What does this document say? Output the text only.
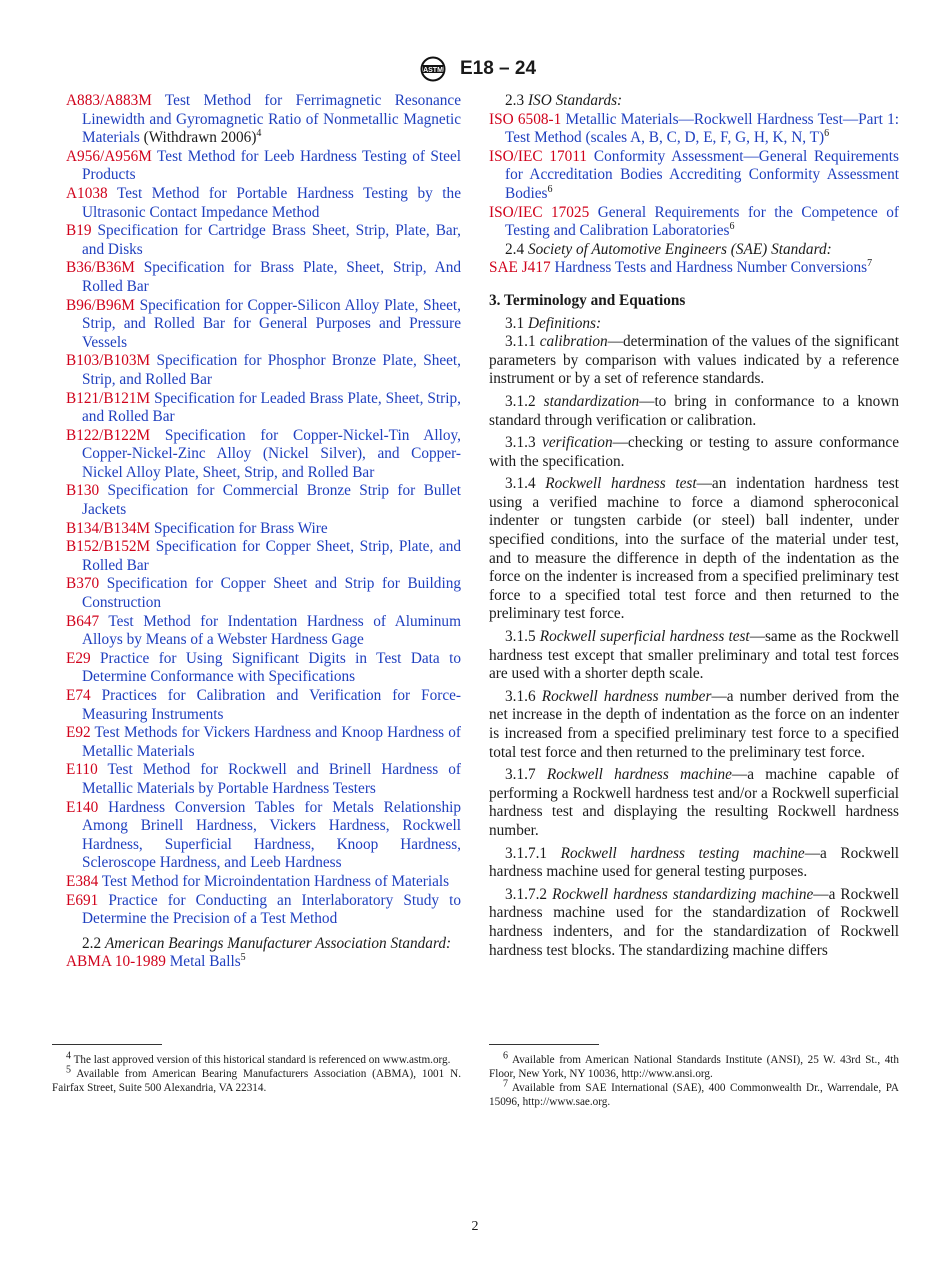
ASTM E18 – 24

A883/A883M Test Method for Ferrimagnetic Resonance Linewidth and Gyromagnetic Ratio of Nonmetallic Magnetic Materials (Withdrawn 2006)$^4$

A956/A956M Test Method for Leeb Hardness Testing of Steel Products

A1038 Test Method for Portable Hardness Testing by the Ultrasonic Contact Impedance Method

B19 Specification for Cartridge Brass Sheet, Strip, Plate, Bar, and Disks

B36/B36M Specification for Brass Plate, Sheet, Strip, And Rolled Bar

B96/B96M Specification for Copper-Silicon Alloy Plate, Sheet, Strip, and Rolled Bar for General Purposes and Pressure Vessels

B103/B103M Specification for Phosphor Bronze Plate, Sheet, Strip, and Rolled Bar

B121/B121M Specification for Leaded Brass Plate, Sheet, Strip, and Rolled Bar

B122/B122M Specification for Copper-Nickel-Tin Alloy, Copper-Nickel-Zinc Alloy (Nickel Silver), and Copper-Nickel Alloy Plate, Sheet, Strip, and Rolled Bar

B130 Specification for Commercial Bronze Strip for Bullet Jackets

B134/B134M Specification for Brass Wire

B152/B152M Specification for Copper Sheet, Strip, Plate, and Rolled Bar

B370 Specification for Copper Sheet and Strip for Building Construction

B647 Test Method for Indentation Hardness of Aluminum Alloys by Means of a Webster Hardness Gage

E29 Practice for Using Significant Digits in Test Data to Determine Conformance with Specifications

E74 Practices for Calibration and Verification for Force-Measuring Instruments

E92 Test Methods for Vickers Hardness and Knoop Hardness of Metallic Materials

E110 Test Method for Rockwell and Brinell Hardness of Metallic Materials by Portable Hardness Testers

E140 Hardness Conversion Tables for Metals Relationship Among Brinell Hardness, Vickers Hardness, Rockwell Hardness, Superficial Hardness, Knoop Hardness, Scleroscope Hardness, and Leeb Hardness

E384 Test Method for Microindentation Hardness of Materials

E691 Practice for Conducting an Interlaboratory Study to Determine the Precision of a Test Method

2.2 American Bearings Manufacturer Association Standard:

ABMA 10-1989 Metal Balls$^5$

2.3 ISO Standards:

ISO 6508-1 Metallic Materials—Rockwell Hardness Test—Part 1: Test Method (scales A, B, C, D, E, F, G, H, K, N, T)$^6$

ISO/IEC 17011 Conformity Assessment—General Requirements for Accreditation Bodies Accrediting Conformity Assessment Bodies$^6$

ISO/IEC 17025 General Requirements for the Competence of Testing and Calibration Laboratories$^6$

2.4 Society of Automotive Engineers (SAE) Standard:

SAE J417 Hardness Tests and Hardness Number Conversions$^7$

3. Terminology and Equations

3.1 Definitions:

3.1.1 calibration—determination of the values of the significant parameters by comparison with values indicated by a reference instrument or by a set of reference standards.

3.1.2 standardization—to bring in conformance to a known standard through verification or calibration.

3.1.3 verification—checking or testing to assure conformance with the specification.

3.1.4 Rockwell hardness test—an indentation hardness test using a verified machine to force a diamond spheroconical indenter or tungsten carbide (or steel) ball indenter, under specified conditions, into the surface of the material under test, and to measure the difference in depth of the indentation as the force on the indenter is increased from a specified preliminary test force to a specified total test force and then returned to the preliminary test force.

3.1.5 Rockwell superficial hardness test—same as the Rockwell hardness test except that smaller preliminary and total test forces are used with a shorter depth scale.

3.1.6 Rockwell hardness number—a number derived from the net increase in the depth of indentation as the force on an indenter is increased from a specified preliminary test force to a specified total test force and then returned to the preliminary test force.

3.1.7 Rockwell hardness machine—a machine capable of performing a Rockwell hardness test and/or a Rockwell superficial hardness test and displaying the resulting Rockwell hardness number.

3.1.7.1 Rockwell hardness testing machine—a Rockwell hardness machine used for general testing purposes.

3.1.7.2 Rockwell hardness standardizing machine—a Rockwell hardness machine used for the standardization of Rockwell hardness indenters, and for the standardization of Rockwell hardness test blocks. The standardizing machine differs

$^4$ The last approved version of this historical standard is referenced on www.astm.org.

$^5$ Available from American Bearing Manufacturers Association (ABMA), 1001 N. Fairfax Street, Suite 500 Alexandria, VA 22314.

$^6$ Available from American National Standards Institute (ANSI), 25 W. 43rd St., 4th Floor, New York, NY 10036, http://www.ansi.org.

$^7$ Available from SAE International (SAE), 400 Commonwealth Dr., Warrendale, PA 15096, http://www.sae.org.

2
